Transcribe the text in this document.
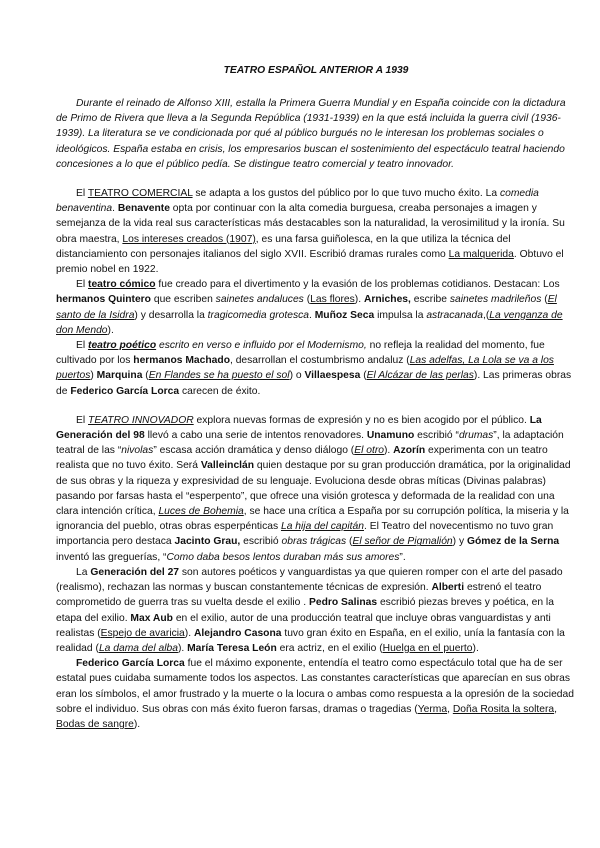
TEATRO ESPAÑOL ANTERIOR A 1939

Durante el reinado de Alfonso XIII, estalla la Primera Guerra Mundial y en España coincide con la dictadura de Primo de Rivera que lleva a la Segunda República (1931-1939) en la que está incluida la guerra civil (1936-1939). La literatura se ve condicionada por qué al público burgués no le interesan los problemas sociales o ideológicos. España estaba en crisis, los empresarios buscan el sostenimiento del espectáculo teatral haciendo concesiones a lo que el público pedía. Se distingue teatro comercial y teatro innovador.

El TEATRO COMERCIAL se adapta a los gustos del público por lo que tuvo mucho éxito. La comedia benaventina. Benavente opta por continuar con la alta comedia burguesa, creaba personajes a imagen y semejanza de la vida real sus características más destacables son la naturalidad, la verosimilitud y la ironía. Su obra maestra, Los intereses creados (1907), es una farsa guiñolesca, en la que utiliza la técnica del distanciamiento con personajes italianos del siglo XVII. Escribió dramas rurales como La malquerida. Obtuvo el premio nobel en 1922.

El teatro cómico fue creado para el divertimento y la evasión de los problemas cotidianos. Destacan: Los hermanos Quintero que escriben sainetes andaluces (Las flores). Arniches, escribe sainetes madrileños (El santo de la Isidra) y desarrolla la tragicomedia grotesca. Muñoz Seca impulsa la astracanada,(La venganza de don Mendo).

El teatro poético escrito en verso e influido por el Modernismo, no refleja la realidad del momento, fue cultivado por los hermanos Machado, desarrollan el costumbrismo andaluz (Las adelfas, La Lola se va a los puertos) Marquina (En Flandes se ha puesto el sol) o Villaespesa (El Alcázar de las perlas). Las primeras obras de Federico García Lorca carecen de éxito.

El TEATRO INNOVADOR explora nuevas formas de expresión y no es bien acogido por el público. La Generación del 98 llevó a cabo una serie de intentos renovadores. Unamuno escribió “drumas”, la adaptación teatral de las “nivolas” escasa acción dramática y denso diálogo (El otro). Azorín experimenta con un teatro realista que no tuvo éxito. Será Valleinclán quien destaque por su gran producción dramática, por la originalidad de sus obras y la riqueza y expresividad de su lenguaje. Evoluciona desde obras míticas (Divinas palabras) pasando por farsas hasta el “esperpento”, que ofrece una visión grotesca y deformada de la realidad con una clara intención crítica, Luces de Bohemia, se hace una crítica a España por su corrupción política, la miseria y la ignorancia del pueblo, otras obras esperpénticas La hija del capitán. El Teatro del novecentismo no tuvo gran importancia pero destaca Jacinto Grau, escribió obras trágicas (El señor de Pigmalión) y Gómez de la Serna inventó las greguerías, “Como daba besos lentos duraban más sus amores”.

La Generación del 27 son autores poéticos y vanguardistas ya que quieren romper con el arte del pasado (realismo), rechazan las normas y buscan constantemente técnicas de expresión. Alberti estrenó el teatro comprometido de guerra tras su vuelta desde el exilio . Pedro Salinas escribió piezas breves y poética, en la etapa del exilio. Max Aub en el exilio, autor de una producción teatral que incluye obras vanguardistas y anti realistas (Espejo de avaricia). Alejandro Casona tuvo gran éxito en España, en el exilio, unía la fantasía con la realidad (La dama del alba). María Teresa León era actriz, en el exilio (Huelga en el puerto).

Federico García Lorca fue el máximo exponente, entendía el teatro como espectáculo total que ha de ser estatal pues cuidaba sumamente todos los aspectos. Las constantes características que aparecían en sus obras eran los símbolos, el amor frustrado y la muerte o la locura o ambas como respuesta a la opresión de la sociedad sobre el individuo. Sus obras con más éxito fueron farsas, dramas o tragedias (Yerma, Doña Rosita la soltera, Bodas de sangre).
